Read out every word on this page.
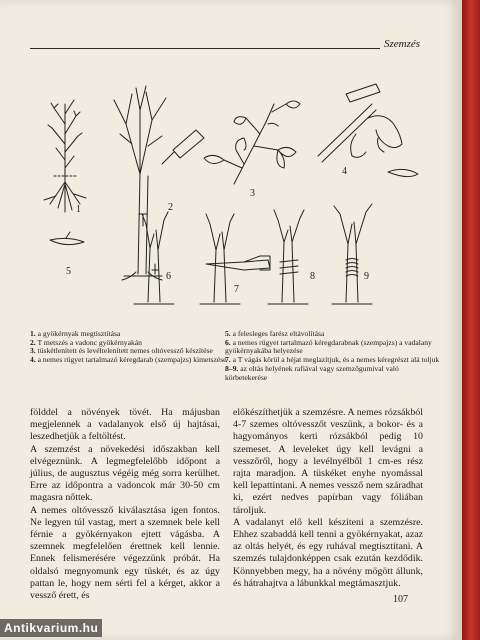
Szemzés
1	2
3
4
5	6
7
8	9
1. a gyökérnyak megtisztítása
2. T metszés a vadonc gyökérnyakán
3. tüskétlenített és levéltelenített nemes oltóvessző készítése
4. a nemes rügyet tartalmazó kéregdarab (szempajzs) kimetszése
5. a felesleges farész eltávolítása
6. a nemes rügyet tartalmazó kéregdarabnak (szempajzs) a vadalany gyökérnyakába helyezése
7. a T vágás körül a héjat meglazítjuk, és a nemes kéregrészt alá toljuk
8–9. az oltás helyének rafiával vagy szemzőgumival való körbetekerése

földdel a növények tövét. Ha májusban megjelennek a vadalanyok első új hajtásai, leszedhetjük a feltöltést.

A szemzést a növekedési időszakban kell elvégeznünk. A legmegfelelőbb időpont a július, de augusztus végéig még sorra kerülhet. Erre az időpontra a vadoncok már 30-50 cm magasra nőttek.

A nemes oltóvessző kiválasztása igen fontos. Ne legyen túl vastag, mert a szemnek bele kell férnie a gyökérnyakon ejtett vágásba. A szemnek megfelelően érettnek kell lennie. Ennek felismerésére végezzünk próbát. Ha oldalsó megnyomunk egy tüskét, és az úgy pattan le, hogy nem sérti fel a kérget, akkor a vessző érett, és

előkészíthetjük a szemzésre. A nemes rózsákból 4-7 szemes oltóvesszőt veszünk, a bokor- és a hagyományos kerti rózsákból pedig 10 szemeset. A leveleket úgy kell levágni a vesszőről, hogy a levélnyélből 1 cm-es rész rajta maradjon. A tüskéket enyhe nyomással kell lepattintani. A nemes vessző nem száradhat ki, ezért nedves papírban vagy fóliában tároljuk.

A vadalanyt elő kell készíteni a szemzésre. Ehhez szabaddá kell tenni a gyökérnyakat, azaz az oltás helyét, és egy ruhával megtisztítani. A szemzés tulajdonképpen csak ezután kezdődik. Könnyebben megy, ha a növény mögött állunk, és hátrahajtva a lábunkkal megtámasztjuk.

107
Antikvarium.hu
